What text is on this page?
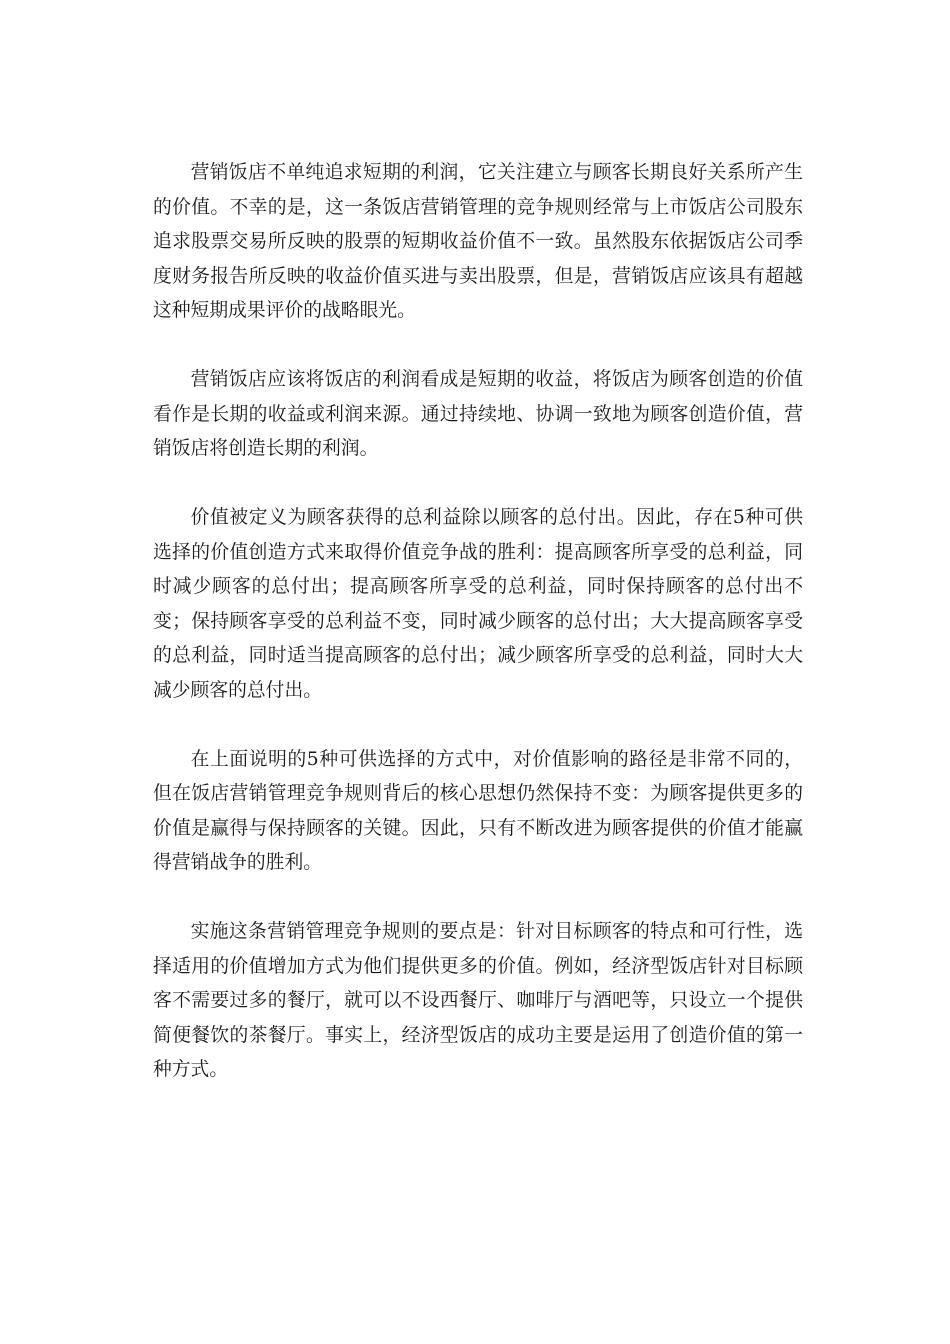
营销饭店不单纯追求短期的利润，它关注建立与顾客长期良好关系所产生的价值。不幸的是，这一条饭店营销管理的竞争规则经常与上市饭店公司股东追求股票交易所反映的股票的短期收益价值不一致。虽然股东依据饭店公司季度财务报告所反映的收益价值买进与卖出股票，但是，营销饭店应该具有超越这种短期成果评价的战略眼光。

营销饭店应该将饭店的利润看成是短期的收益，将饭店为顾客创造的价值看作是长期的收益或利润来源。通过持续地、协调一致地为顾客创造价值，营销饭店将创造长期的利润。

价值被定义为顾客获得的总利益除以顾客的总付出。因此，存在5种可供选择的价值创造方式来取得价值竞争战的胜利：提高顾客所享受的总利益，同时减少顾客的总付出；提高顾客所享受的总利益，同时保持顾客的总付出不变；保持顾客享受的总利益不变，同时减少顾客的总付出；大大提高顾客享受的总利益，同时适当提高顾客的总付出；减少顾客所享受的总利益，同时大大减少顾客的总付出。

在上面说明的5种可供选择的方式中，对价值影响的路径是非常不同的，但在饭店营销管理竞争规则背后的核心思想仍然保持不变：为顾客提供更多的价值是赢得与保持顾客的关键。因此，只有不断改进为顾客提供的价值才能赢得营销战争的胜利。

实施这条营销管理竞争规则的要点是：针对目标顾客的特点和可行性，选择适用的价值增加方式为他们提供更多的价值。例如，经济型饭店针对目标顾客不需要过多的餐厅，就可以不设西餐厅、咖啡厅与酒吧等，只设立一个提供简便餐饮的茶餐厅。事实上，经济型饭店的成功主要是运用了创造价值的第一种方式。
